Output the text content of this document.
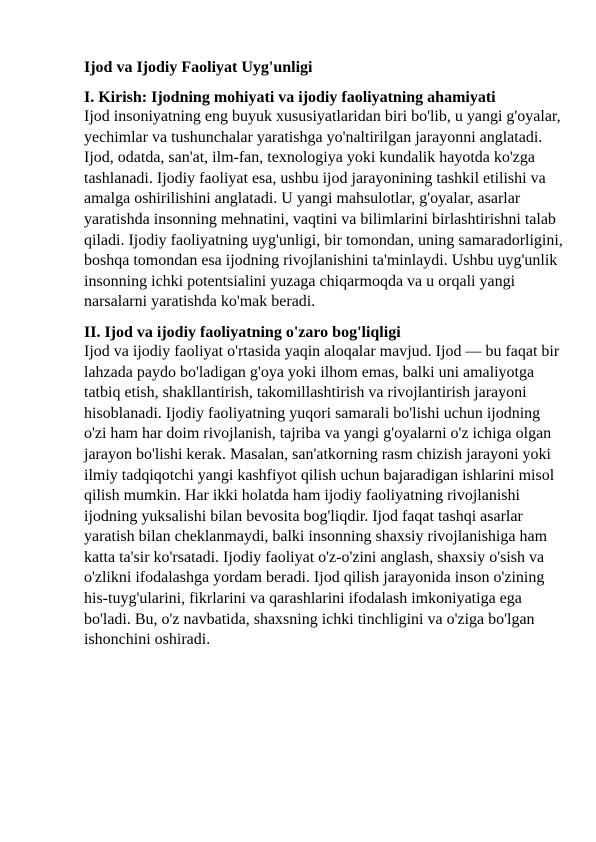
Ijod va Ijodiy Faoliyat Uyg'unligi
I. Kirish: Ijodning mohiyati va ijodiy faoliyatning ahamiyati

Ijod insoniyatning eng buyuk xususiyatlaridan biri bo'lib, u yangi g'oyalar, yechimlar va tushunchalar yaratishga yo'naltirilgan jarayonni anglatadi. Ijod, odatda, san'at, ilm-fan, texnologiya yoki kundalik hayotda ko'zga tashlanadi. Ijodiy faoliyat esa, ushbu ijod jarayonining tashkil etilishi va amalga oshirilishini anglatadi. U yangi mahsulotlar, g'oyalar, asarlar yaratishda insonning mehnatini, vaqtini va bilimlarini birlashtirishni talab qiladi. Ijodiy faoliyatning uyg'unligi, bir tomondan, uning samaradorligini, boshqa tomondan esa ijodning rivojlanishini ta'minlaydi. Ushbu uyg'unlik insonning ichki potentsialini yuzaga chiqarmoqda va u orqali yangi narsalarni yaratishda ko'mak beradi.

II. Ijod va ijodiy faoliyatning o'zaro bog'liqligi

Ijod va ijodiy faoliyat o'rtasida yaqin aloqalar mavjud. Ijod — bu faqat bir lahzada paydo bo'ladigan g'oya yoki ilhom emas, balki uni amaliyotga tatbiq etish, shakllantirish, takomillashtirish va rivojlantirish jarayoni hisoblanadi. Ijodiy faoliyatning yuqori samarali bo'lishi uchun ijodning o'zi ham har doim rivojlanish, tajriba va yangi g'oyalarni o'z ichiga olgan jarayon bo'lishi kerak. Masalan, san'atkorning rasm chizish jarayoni yoki ilmiy tadqiqotchi yangi kashfiyot qilish uchun bajaradigan ishlarini misol qilish mumkin. Har ikki holatda ham ijodiy faoliyatning rivojlanishi ijodning yuksalishi bilan bevosita bog'liqdir. Ijod faqat tashqi asarlar yaratish bilan cheklanmaydi, balki insonning shaxsiy rivojlanishiga ham katta ta'sir ko'rsatadi. Ijodiy faoliyat o'z-o'zini anglash, shaxsiy o'sish va o'zlikni ifodalashga yordam beradi. Ijod qilish jarayonida inson o'zining his-tuyg'ularini, fikrlarini va qarashlarini ifodalash imkoniyatiga ega bo'ladi. Bu, o'z navbatida, shaxsning ichki tinchligini va o'ziga bo'lgan ishonchini oshiradi.
